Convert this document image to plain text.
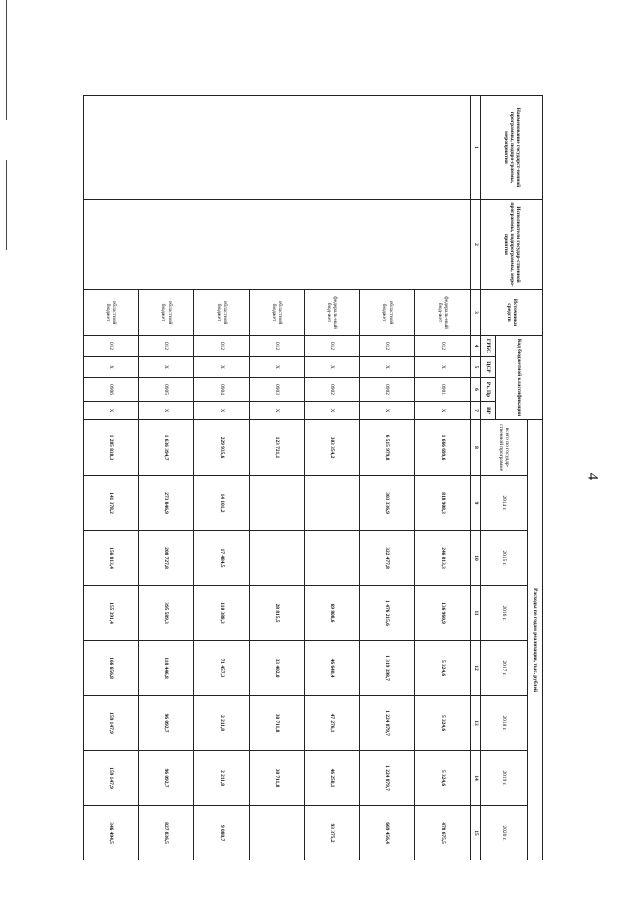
4
Наименование государст-венной программы, подпро-граммы, мероприятия	Исполнители государ-ственной программы, подпрограммы, меро-приятия	Источники средств	Код бюджетной классификации				Расходы по годам реализации, тыс. рублей							
							всего по государ-ственной программе	2014 г.	2015 г.	2016 г.	2017 г.	2018 г.	2019 г.	2020 г.
			ГРБС	ЦСР	Рз, Пр	ВР								
1	2	3	4	5	6	7	8	9	10	11	12	13	14	15
		федераль-ный бюд-жет	012	Х	0901	Х	1 666 699,6	818 908,3	246 013,3	136 960,9	5 324,6	5 324,6	5 324,6	478 675,5
		областной бюджет	012	Х	0902	Х	6 515 979,8	303 336,9	322 477,8	1 476 215,6	1 319 398,7	1 224 879,7	1 224 879,7	669 456,4
		федераль-ный бюд-жет	012	Х	0902	Х	303 354,2			69 808,6	46 640,4	47 276,1	46 258,1	93 375,2
		областной бюджет	012	Х	0903	Х	123 721,1			28 815,5	33 402,0	30 711,8	30 711,8	
		областной бюджет	012	Х	0904	Х	229 935,6	14 101,2	17 484,5	110 388,3	71 457,3	2 211,8	2 211,8	9 080,7
		областной бюджет	012	Х	0905	Х	1 636 394,7	273 846,9	208 727,8	395 589,3	118 446,8	96 092,7	96 092,7	827 836,5
		областной бюджет	012	Х	0906	Х	1 285 838,3	141 378,2	156 813,4	155 391,4	166 656,8	159 147,9	159 147,9	346 494,5
